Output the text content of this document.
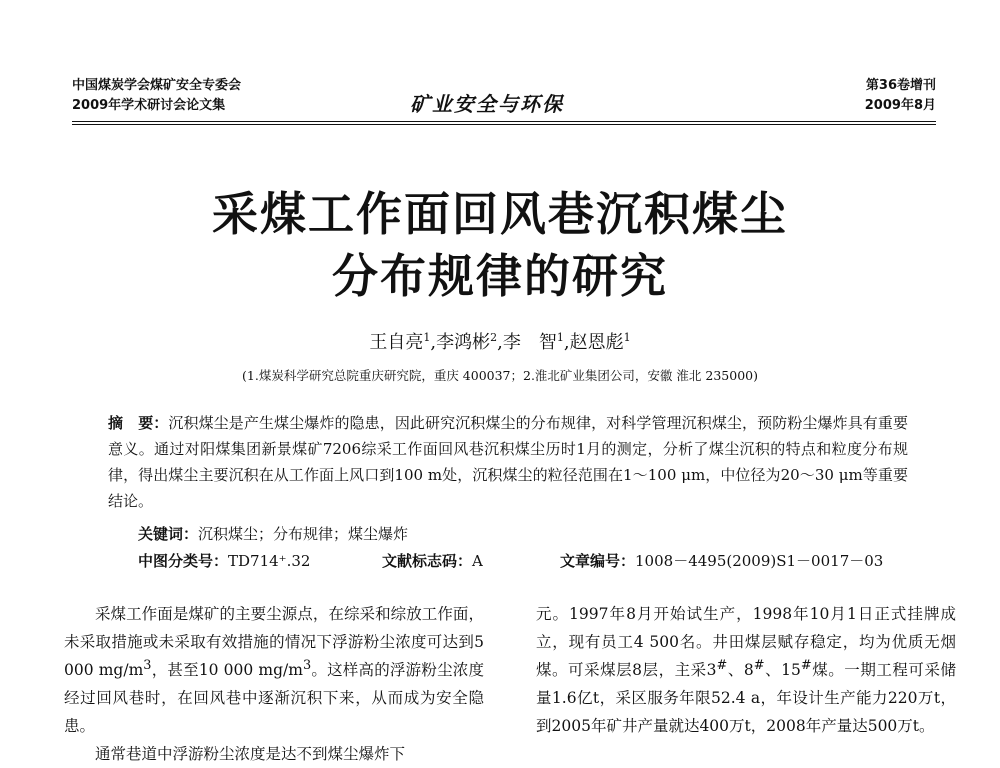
中国煤炭学会煤矿安全专委会
2009年学术研讨会论文集	矿业安全与环保
第36卷增刊
2009年8月
采煤工作面回风巷沉积煤尘
分布规律的研究
王自亮$^1$,李鸿彬$^2$,李　智$^1$,赵恩彪$^1$
(1.煤炭科学研究总院重庆研究院，重庆 400037；2.淮北矿业集团公司，安徽 淮北 235000)
摘　要：沉积煤尘是产生煤尘爆炸的隐患，因此研究沉积煤尘的分布规律，对科学管理沉积煤尘，预防粉尘爆炸具有重要意义。通过对阳煤集团新景煤矿7206综采工作面回风巷沉积煤尘历时1月的测定，分析了煤尘沉积的特点和粒度分布规律，得出煤尘主要沉积在从工作面上风口到100 m处，沉积煤尘的粒径范围在1～100 μm，中位径为20～30 μm等重要结论。
关键词：沉积煤尘；分布规律；煤尘爆炸
中图分类号：TD714⁺.32	文献标志码：A	文章编号：1008－4495(2009)S1－0017－03

采煤工作面是煤矿的主要尘源点，在综采和综放工作面，未采取措施或未采取有效措施的情况下浮游粉尘浓度可达到5 000 $mg/m^3$，甚至10 000 $mg/m^3$。这样高的浮游粉尘浓度经过回风巷时，在回风巷中逐渐沉积下来，从而成为安全隐患。

通常巷道中浮游粉尘浓度是达不到煤尘爆炸下

元。1997年8月开始试生产，1998年10月1日正式挂牌成立，现有员工4 500名。井田煤层赋存稳定，均为优质无烟煤。可采煤层8层，主采3#、8#、15#煤。一期工程可采储量1.6亿t，采区服务年限52.4 a，年设计生产能力220万t，到2005年矿井产量就达400万t，2008年产量达500万t。
